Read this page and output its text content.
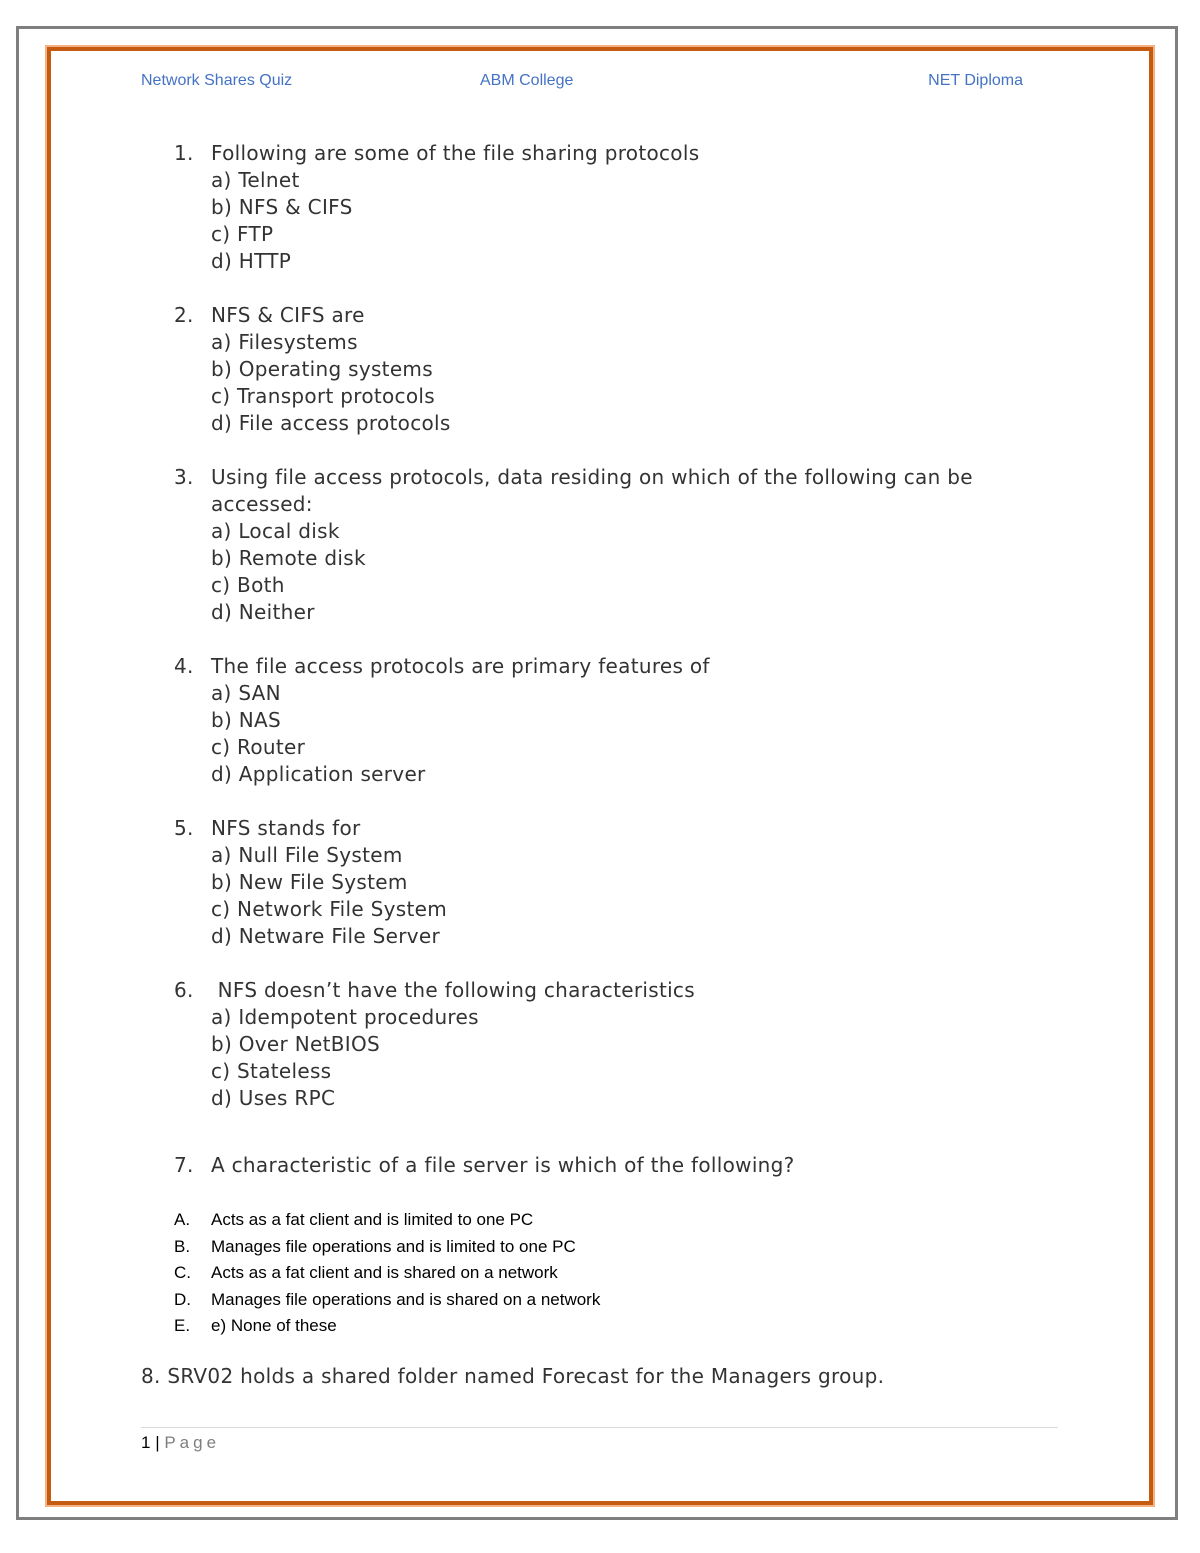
Network Shares Quiz	ABM College	NET Diploma
1. Following are some of the file sharing protocols
a) Telnet
b) NFS & CIFS
c) FTP
d) HTTP
2. NFS & CIFS are
a) Filesystems
b) Operating systems
c) Transport protocols
d) File access protocols
3. Using file access protocols, data residing on which of the following can be accessed:
a) Local disk
b) Remote disk
c) Both
d) Neither
4. The file access protocols are primary features of
a) SAN
b) NAS
c) Router
d) Application server
5. NFS stands for
a) Null File System
b) New File System
c) Network File System
d) Netware File Server
6. NFS doesn’t have the following characteristics
a) Idempotent procedures
b) Over NetBIOS
c) Stateless
d) Uses RPC
7. A characteristic of a file server is which of the following?
A. Acts as a fat client and is limited to one PC
B. Manages file operations and is limited to one PC
C. Acts as a fat client and is shared on a network
D. Manages file operations and is shared on a network
E. e) None of these
8. SRV02 holds a shared folder named Forecast for the Managers group.
1 | Page
